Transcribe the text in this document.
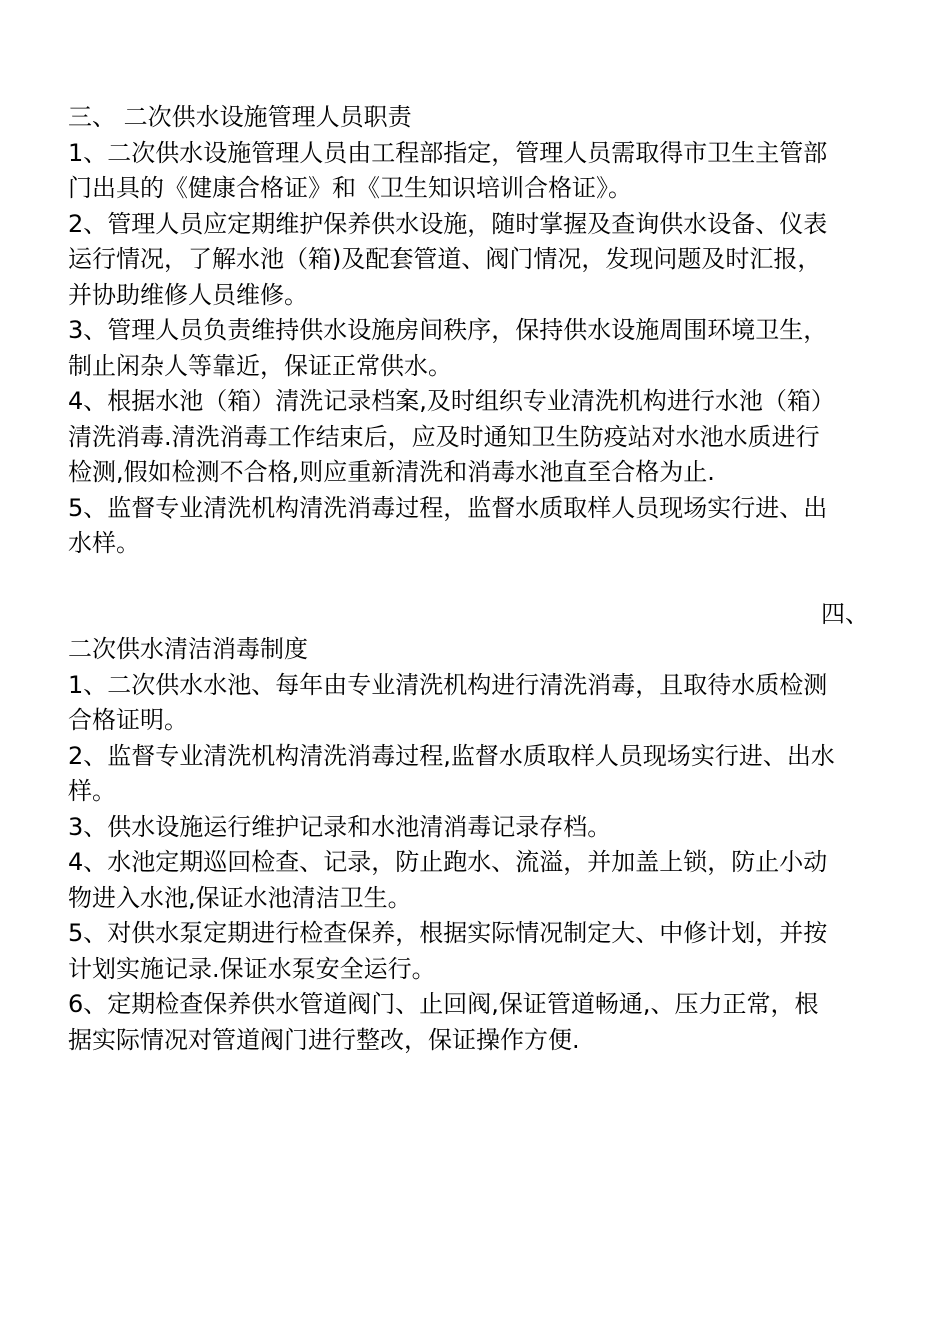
三、 二次供水设施管理人员职责
1、二次供水设施管理人员由工程部指定，管理人员需取得市卫生主管部
门出具的《健康合格证》和《卫生知识培训合格证》。
2、管理人员应定期维护保养供水设施，随时掌握及查询供水设备、仪表
运行情况，了解水池（箱)及配套管道、阀门情况，发现问题及时汇报，
并协助维修人员维修。
3、管理人员负责维持供水设施房间秩序，保持供水设施周围环境卫生，
制止闲杂人等靠近，保证正常供水。
4、根据水池（箱）清洗记录档案,及时组织专业清洗机构进行水池（箱）
清洗消毒.清洗消毒工作结束后，应及时通知卫生防疫站对水池水质进行
检测,假如检测不合格,则应重新清洗和消毒水池直至合格为止.
5、监督专业清洗机构清洗消毒过程，监督水质取样人员现场实行进、出
水样。
四、
二次供水清洁消毒制度
1、二次供水水池、每年由专业清洗机构进行清洗消毒，且取待水质检测
合格证明。
2、监督专业清洗机构清洗消毒过程,监督水质取样人员现场实行进、出水
样。
3、供水设施运行维护记录和水池清消毒记录存档。
4、水池定期巡回检查、记录，防止跑水、流溢，并加盖上锁，防止小动
物进入水池,保证水池清洁卫生。
5、对供水泵定期进行检查保养，根据实际情况制定大、中修计划，并按
计划实施记录.保证水泵安全运行。
6、定期检查保养供水管道阀门、止回阀,保证管道畅通,、压力正常，根
据实际情况对管道阀门进行整改，保证操作方便.
